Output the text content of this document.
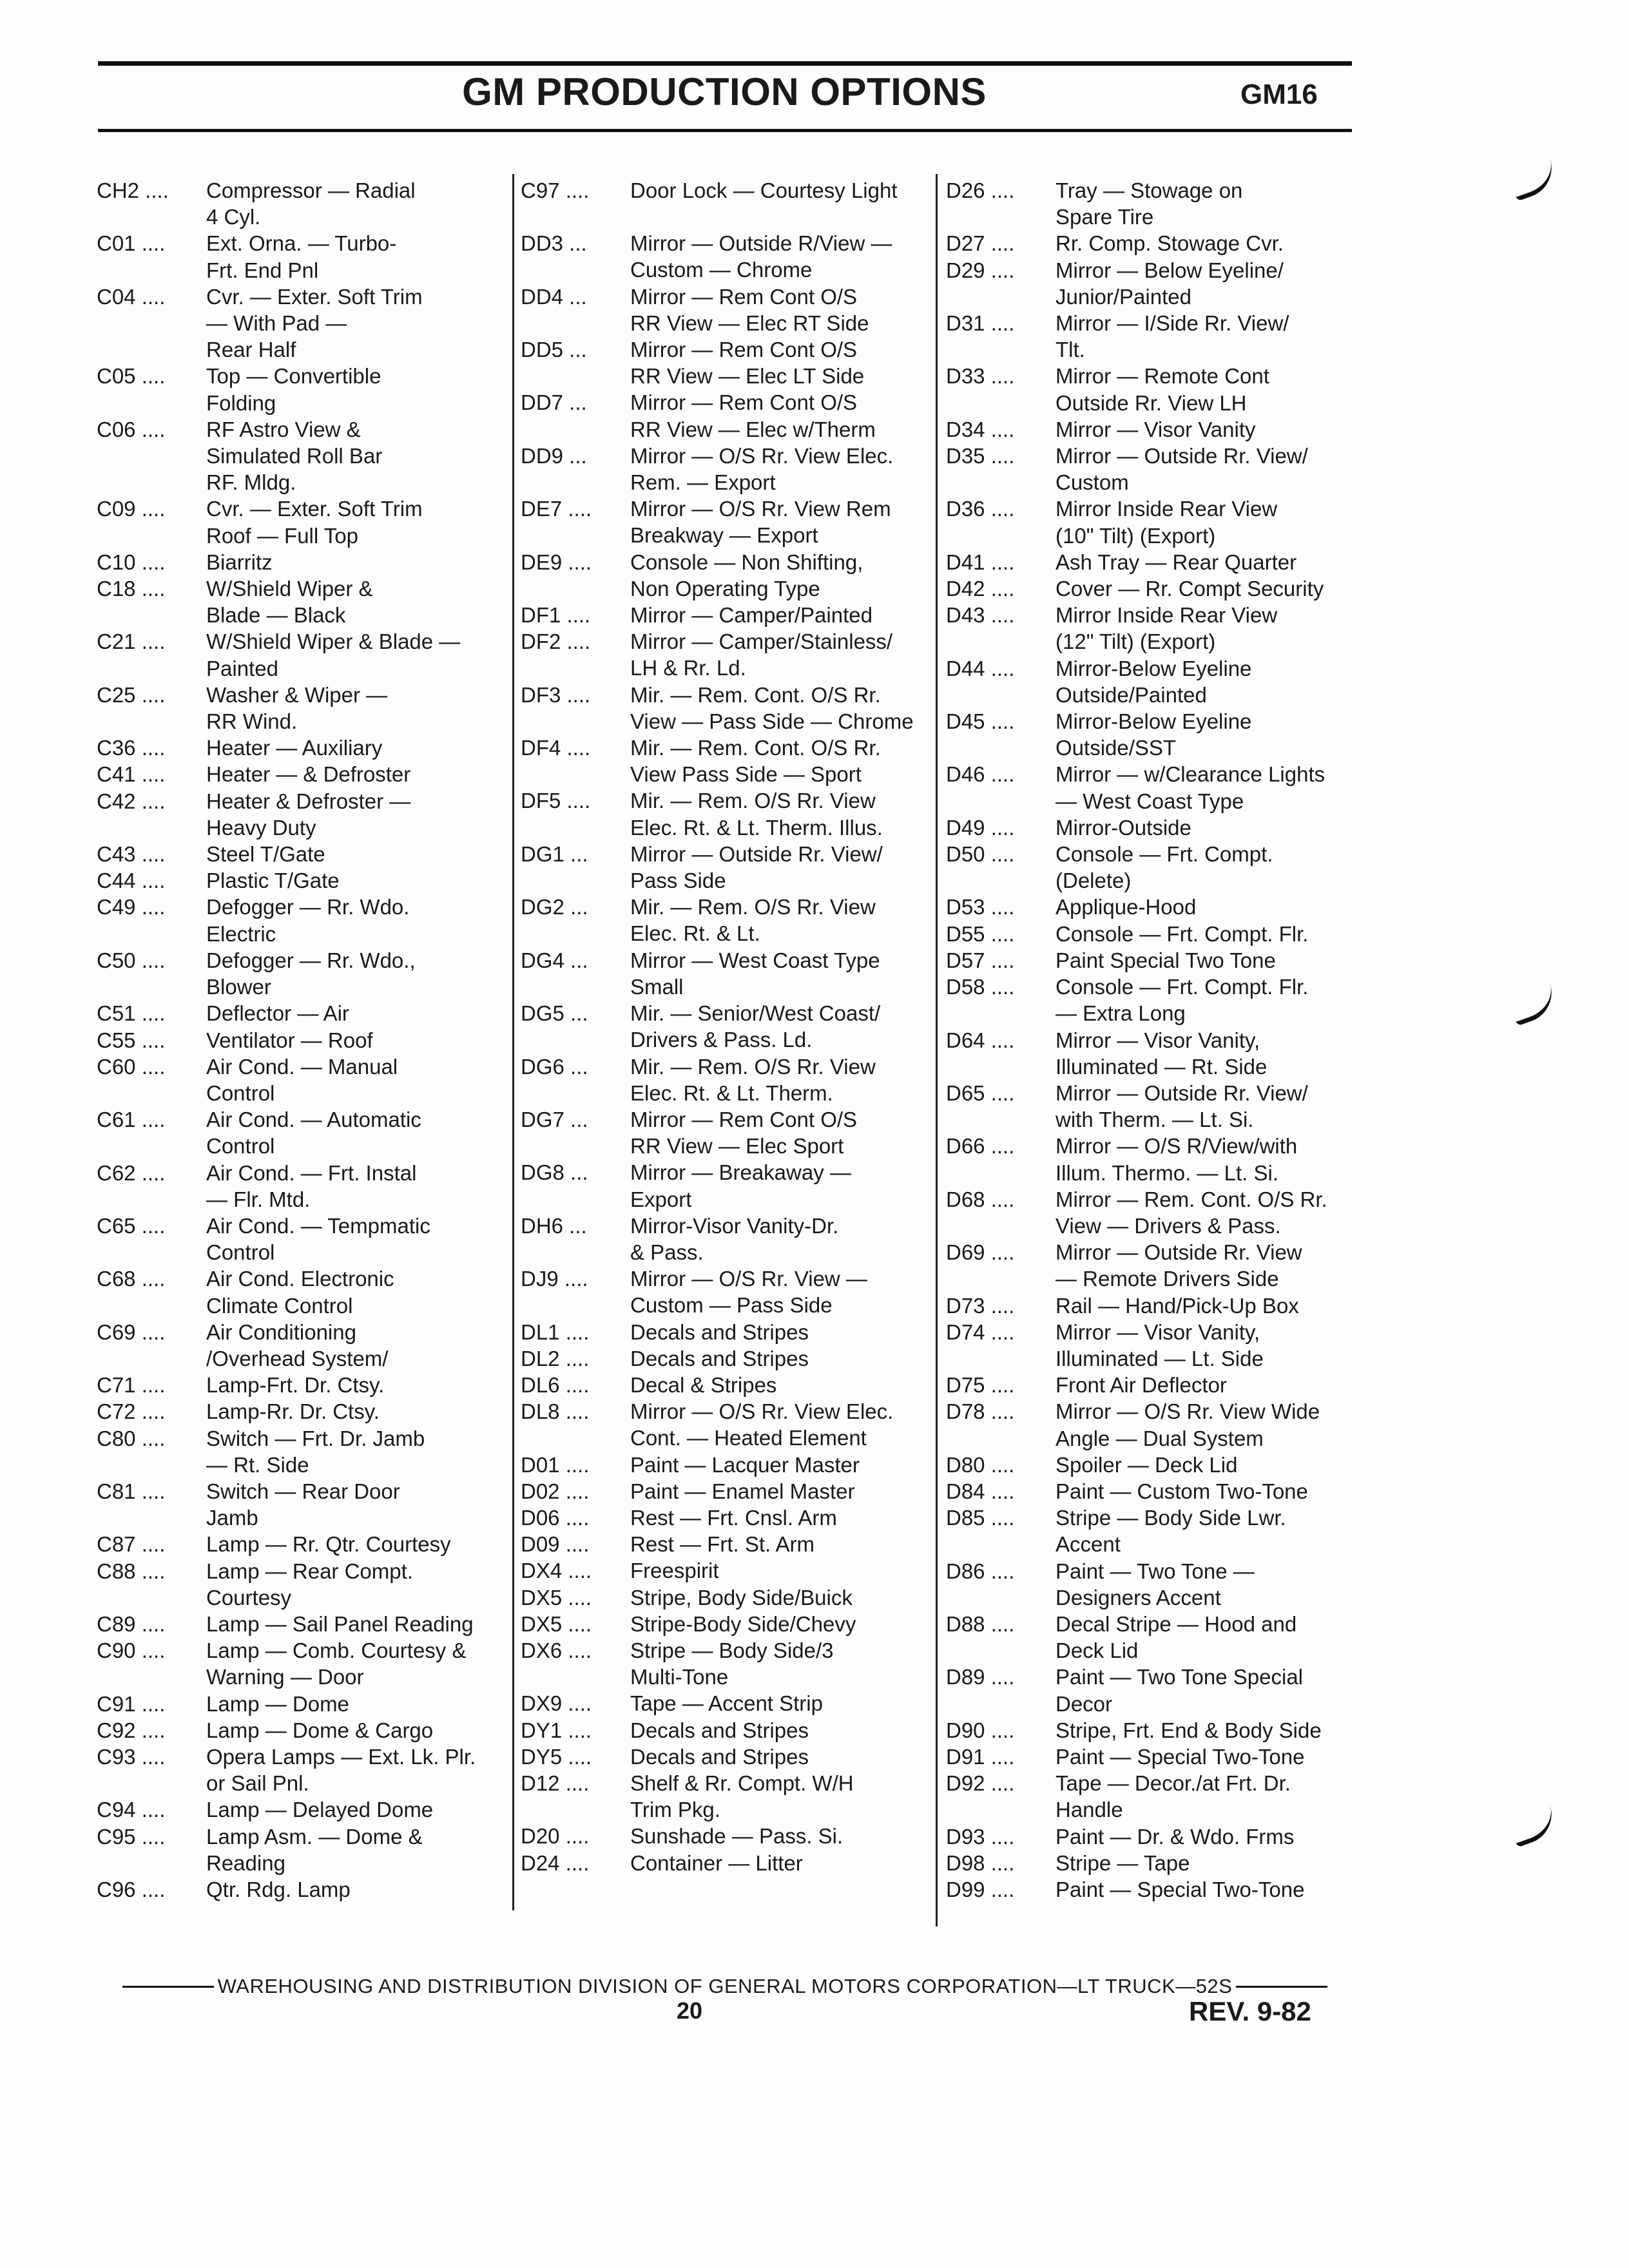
GM PRODUCTION OPTIONS	GM16
CH2 ....	Compressor — Radial
4 Cyl.
C01 ....	Ext. Orna. — Turbo-
Frt. End Pnl
C04 ....	Cvr. — Exter. Soft Trim
— With Pad —
Rear Half
C05 ....	Top — Convertible
Folding
C06 ....	RF Astro View &
Simulated Roll Bar
RF. Mldg.
C09 ....	Cvr. — Exter. Soft Trim
Roof — Full Top
C10 ....	Biarritz
C18 ....	W/Shield Wiper &
Blade — Black
C21 ....	W/Shield Wiper & Blade —
Painted
C25 ....	Washer & Wiper —
RR Wind.
C36 ....	Heater — Auxiliary
C41 ....	Heater — & Defroster
C42 ....	Heater & Defroster —
Heavy Duty
C43 ....	Steel T/Gate
C44 ....	Plastic T/Gate
C49 ....	Defogger — Rr. Wdo.
Electric
C50 ....	Defogger — Rr. Wdo.,
Blower
C51 ....	Deflector — Air
C55 ....	Ventilator — Roof
C60 ....	Air Cond. — Manual
Control
C61 ....	Air Cond. — Automatic
Control
C62 ....	Air Cond. — Frt. Instal
— Flr. Mtd.
C65 ....	Air Cond. — Tempmatic
Control
C68 ....	Air Cond. Electronic
Climate Control
C69 ....	Air Conditioning
/Overhead System/
C71 ....	Lamp-Frt. Dr. Ctsy.
C72 ....	Lamp-Rr. Dr. Ctsy.
C80 ....	Switch — Frt. Dr. Jamb
— Rt. Side
C81 ....	Switch — Rear Door
Jamb
C87 ....	Lamp — Rr. Qtr. Courtesy
C88 ....	Lamp — Rear Compt.
Courtesy
C89 ....	Lamp — Sail Panel Reading
C90 ....	Lamp — Comb. Courtesy &
Warning — Door
C91 ....	Lamp — Dome
C92 ....	Lamp — Dome & Cargo
C93 ....	Opera Lamps — Ext. Lk. Plr.
or Sail Pnl.
C94 ....	Lamp — Delayed Dome
C95 ....	Lamp Asm. — Dome &
Reading
C96 ....	Qtr. Rdg. Lamp
C97 ....	Door Lock — Courtesy Light
DD3 ...	Mirror — Outside R/View —
Custom — Chrome
DD4 ...	Mirror — Rem Cont O/S
RR View — Elec RT Side
DD5 ...	Mirror — Rem Cont O/S
RR View — Elec LT Side
DD7 ...	Mirror — Rem Cont O/S
RR View — Elec w/Therm
DD9 ...	Mirror — O/S Rr. View Elec.
Rem. — Export
DE7 ....	Mirror — O/S Rr. View Rem
Breakway — Export
DE9 ....	Console — Non Shifting,
Non Operating Type
DF1 ....	Mirror — Camper/Painted
DF2 ....	Mirror — Camper/Stainless/
LH & Rr. Ld.
DF3 ....	Mir. — Rem. Cont. O/S Rr.
View — Pass Side — Chrome
DF4 ....	Mir. — Rem. Cont. O/S Rr.
View Pass Side — Sport
DF5 ....	Mir. — Rem. O/S Rr. View
Elec. Rt. & Lt. Therm. Illus.
DG1 ...	Mirror — Outside Rr. View/
Pass Side
DG2 ...	Mir. — Rem. O/S Rr. View
Elec. Rt. & Lt.
DG4 ...	Mirror — West Coast Type
Small
DG5 ...	Mir. — Senior/West Coast/
Drivers & Pass. Ld.
DG6 ...	Mir. — Rem. O/S Rr. View
Elec. Rt. & Lt. Therm.
DG7 ...	Mirror — Rem Cont O/S
RR View — Elec Sport
DG8 ...	Mirror — Breakaway —
Export
DH6 ...	Mirror-Visor Vanity-Dr.
& Pass.
DJ9 ....	Mirror — O/S Rr. View —
Custom — Pass Side
DL1 ....	Decals and Stripes
DL2 ....	Decals and Stripes
DL6 ....	Decal & Stripes
DL8 ....	Mirror — O/S Rr. View Elec.
Cont. — Heated Element
D01 ....	Paint — Lacquer Master
D02 ....	Paint — Enamel Master
D06 ....	Rest — Frt. Cnsl. Arm
D09 ....	Rest — Frt. St. Arm
DX4 ....	Freespirit
DX5 ....	Stripe, Body Side/Buick
DX5 ....	Stripe-Body Side/Chevy
DX6 ....	Stripe — Body Side/3
Multi-Tone
DX9 ....	Tape — Accent Strip
DY1 ....	Decals and Stripes
DY5 ....	Decals and Stripes
D12 ....	Shelf & Rr. Compt. W/H
Trim Pkg.
D20 ....	Sunshade — Pass. Si.
D24 ....	Container — Litter
D26 ....	Tray — Stowage on
Spare Tire
D27 ....	Rr. Comp. Stowage Cvr.
D29 ....	Mirror — Below Eyeline/
Junior/Painted
D31 ....	Mirror — I/Side Rr. View/
Tlt.
D33 ....	Mirror — Remote Cont
Outside Rr. View LH
D34 ....	Mirror — Visor Vanity
D35 ....	Mirror — Outside Rr. View/
Custom
D36 ....	Mirror Inside Rear View
(10" Tilt) (Export)
D41 ....	Ash Tray — Rear Quarter
D42 ....	Cover — Rr. Compt Security
D43 ....	Mirror Inside Rear View
(12" Tilt) (Export)
D44 ....	Mirror-Below Eyeline
Outside/Painted
D45 ....	Mirror-Below Eyeline
Outside/SST
D46 ....	Mirror — w/Clearance Lights
— West Coast Type
D49 ....	Mirror-Outside
D50 ....	Console — Frt. Compt.
(Delete)
D53 ....	Applique-Hood
D55 ....	Console — Frt. Compt. Flr.
D57 ....	Paint Special Two Tone
D58 ....	Console — Frt. Compt. Flr.
— Extra Long
D64 ....	Mirror — Visor Vanity,
Illuminated — Rt. Side
D65 ....	Mirror — Outside Rr. View/
with Therm. — Lt. Si.
D66 ....	Mirror — O/S R/View/with
Illum. Thermo. — Lt. Si.
D68 ....	Mirror — Rem. Cont. O/S Rr.
View — Drivers & Pass.
D69 ....	Mirror — Outside Rr. View
— Remote Drivers Side
D73 ....	Rail — Hand/Pick-Up Box
D74 ....	Mirror — Visor Vanity,
Illuminated — Lt. Side
D75 ....	Front Air Deflector
D78 ....	Mirror — O/S Rr. View Wide
Angle — Dual System
D80 ....	Spoiler — Deck Lid
D84 ....	Paint — Custom Two-Tone
D85 ....	Stripe — Body Side Lwr.
Accent
D86 ....	Paint — Two Tone —
Designers Accent
D88 ....	Decal Stripe — Hood and
Deck Lid
D89 ....	Paint — Two Tone Special
Decor
D90 ....	Stripe, Frt. End & Body Side
D91 ....	Paint — Special Two-Tone
D92 ....	Tape — Decor./at Frt. Dr.
Handle
D93 ....	Paint — Dr. & Wdo. Frms
D98 ....	Stripe — Tape
D99 ....	Paint — Special Two-Tone
WAREHOUSING AND DISTRIBUTION DIVISION OF GENERAL MOTORS CORPORATION—LT TRUCK—52S
20	REV. 9-82
